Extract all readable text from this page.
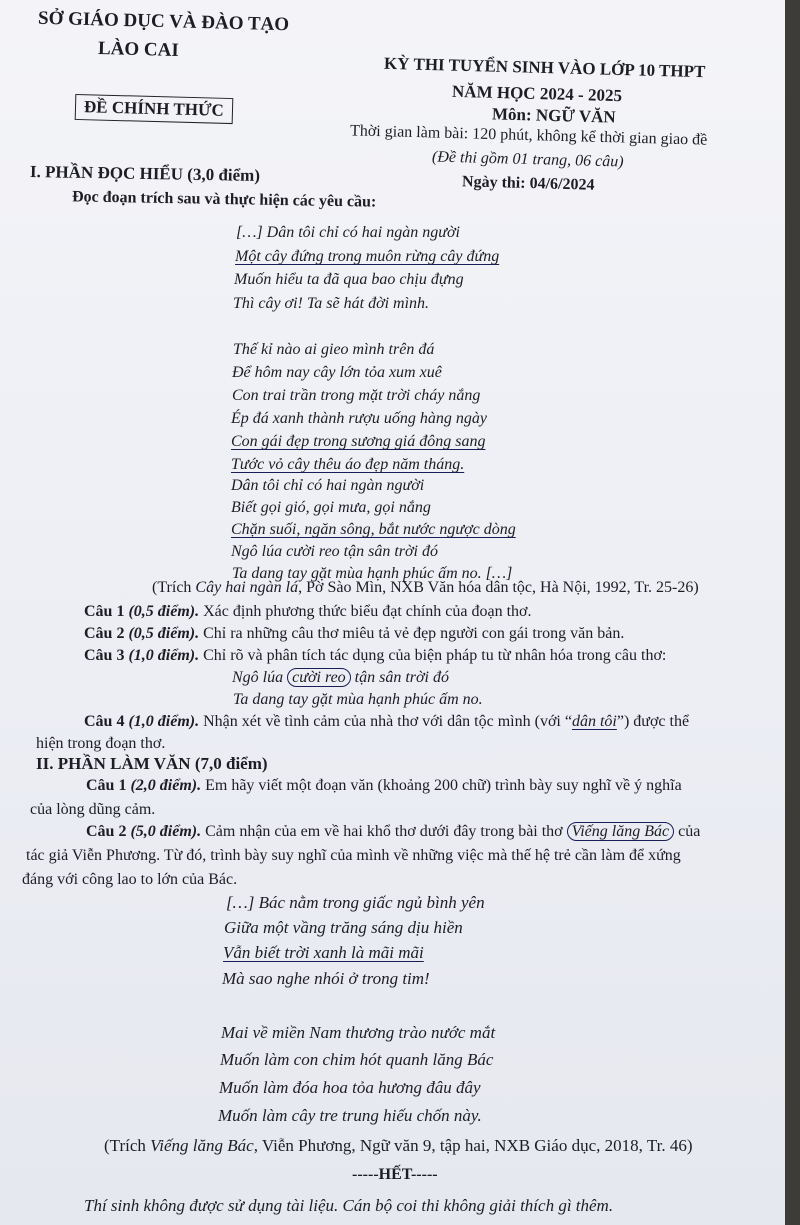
SỞ GIÁO DỤC VÀ ĐÀO TẠO
LÀO CAI
ĐỀ CHÍNH THỨC
KỲ THI TUYỂN SINH VÀO LỚP 10 THPT
NĂM HỌC 2024 - 2025
Môn: NGỮ VĂN
Thời gian làm bài: 120 phút, không kể thời gian giao đề
(Đề thi gồm 01 trang, 06 câu)
Ngày thi: 04/6/2024
I. PHẦN ĐỌC HIỂU (3,0 điểm)
Đọc đoạn trích sau và thực hiện các yêu cầu:
[…] Dân tôi chỉ có hai ngàn người
Một cây đứng trong muôn rừng cây đứng
Muốn hiểu ta đã qua bao chịu đựng
Thì cây ơi! Ta sẽ hát đời mình.
Thế kỉ nào ai gieo mình trên đá
Để hôm nay cây lớn tỏa xum xuê
Con trai trần trong mặt trời cháy nắng
Ép đá xanh thành rượu uống hàng ngày
Con gái đẹp trong sương giá đông sang
Tước vỏ cây thêu áo đẹp năm tháng.
Dân tôi chỉ có hai ngàn người
Biết gọi gió, gọi mưa, gọi nắng
Chặn suối, ngăn sông, bắt nước ngược dòng
Ngô lúa cười reo tận sân trời đó
Ta dang tay gặt mùa hạnh phúc ấm no. […]
(Trích Cây hai ngàn lá, Pờ Sào Mìn, NXB Văn hóa dân tộc, Hà Nội, 1992, Tr. 25-26)
Câu 1 (0,5 điểm). Xác định phương thức biểu đạt chính của đoạn thơ.
Câu 2 (0,5 điểm). Chỉ ra những câu thơ miêu tả vẻ đẹp người con gái trong văn bản.
Câu 3 (1,0 điểm). Chỉ rõ và phân tích tác dụng của biện pháp tu từ nhân hóa trong câu thơ:
Ngô lúa cười reo tận sân trời đó
Ta dang tay gặt mùa hạnh phúc ấm no.
Câu 4 (1,0 điểm). Nhận xét về tình cảm của nhà thơ với dân tộc mình (với “dân tôi”) được thể
hiện trong đoạn thơ.
II. PHẦN LÀM VĂN (7,0 điểm)
Câu 1 (2,0 điểm). Em hãy viết một đoạn văn (khoảng 200 chữ) trình bày suy nghĩ về ý nghĩa
của lòng dũng cảm.
Câu 2 (5,0 điểm). Cảm nhận của em về hai khổ thơ dưới đây trong bài thơ Viếng lăng Bác của
tác giả Viễn Phương. Từ đó, trình bày suy nghĩ của mình về những việc mà thế hệ trẻ cần làm để xứng
đáng với công lao to lớn của Bác.
[…] Bác nằm trong giấc ngủ bình yên
Giữa một vầng trăng sáng dịu hiền
Vẫn biết trời xanh là mãi mãi
Mà sao nghe nhói ở trong tim!
Mai về miền Nam thương trào nước mắt
Muốn làm con chim hót quanh lăng Bác
Muốn làm đóa hoa tỏa hương đâu đây
Muốn làm cây tre trung hiếu chốn này.
(Trích Viếng lăng Bác, Viễn Phương, Ngữ văn 9, tập hai, NXB Giáo dục, 2018, Tr. 46)
-----HẾT-----
Thí sinh không được sử dụng tài liệu. Cán bộ coi thi không giải thích gì thêm.
